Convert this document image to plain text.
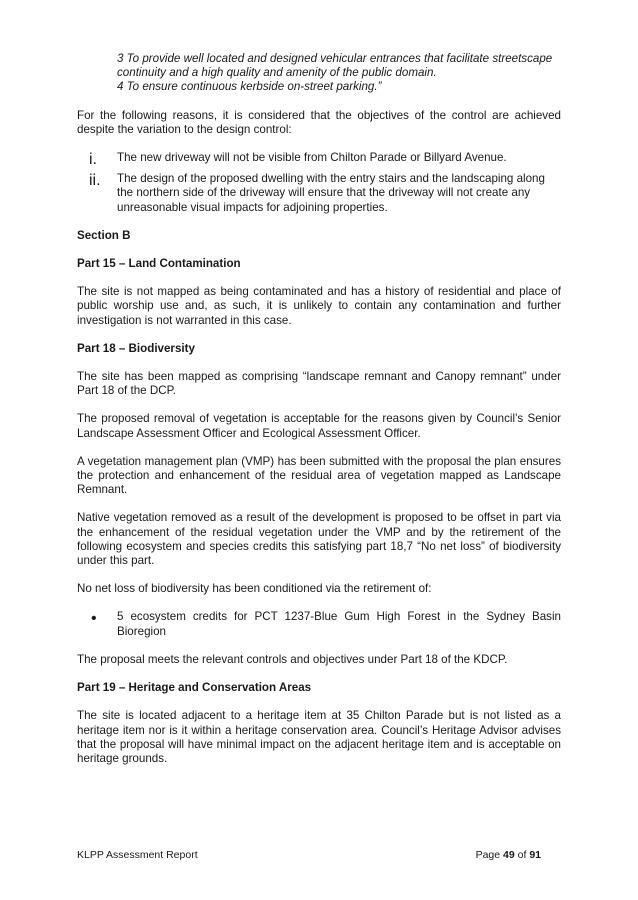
3 To provide well located and designed vehicular entrances that facilitate streetscape continuity and a high quality and amenity of the public domain.

4 To ensure continuous kerbside on-street parking.”

For the following reasons, it is considered that the objectives of the control are achieved despite the variation to the design control:

i. The new driveway will not be visible from Chilton Parade or Billyard Avenue.

ii. The design of the proposed dwelling with the entry stairs and the landscaping along the northern side of the driveway will ensure that the driveway will not create any unreasonable visual impacts for adjoining properties.

Section B

Part 15 – Land Contamination

The site is not mapped as being contaminated and has a history of residential and place of public worship use and, as such, it is unlikely to contain any contamination and further investigation is not warranted in this case.

Part 18 – Biodiversity

The site has been mapped as comprising “landscape remnant and Canopy remnant” under Part 18 of the DCP.

The proposed removal of vegetation is acceptable for the reasons given by Council’s Senior Landscape Assessment Officer and Ecological Assessment Officer.

A vegetation management plan (VMP) has been submitted with the proposal the plan ensures the protection and enhancement of the residual area of vegetation mapped as Landscape Remnant.

Native vegetation removed as a result of the development is proposed to be offset in part via the enhancement of the residual vegetation under the VMP and by the retirement of the following ecosystem and species credits this satisfying part 18,7 “No net loss” of biodiversity under this part.

No net loss of biodiversity has been conditioned via the retirement of:

• 5 ecosystem credits for PCT 1237-Blue Gum High Forest in the Sydney Basin Bioregion

The proposal meets the relevant controls and objectives under Part 18 of the KDCP.

Part 19 – Heritage and Conservation Areas

The site is located adjacent to a heritage item at 35 Chilton Parade but is not listed as a heritage item nor is it within a heritage conservation area. Council’s Heritage Advisor advises that the proposal will have minimal impact on the adjacent heritage item and is acceptable on heritage grounds.

KLPP Assessment Report	Page 49 of 91
